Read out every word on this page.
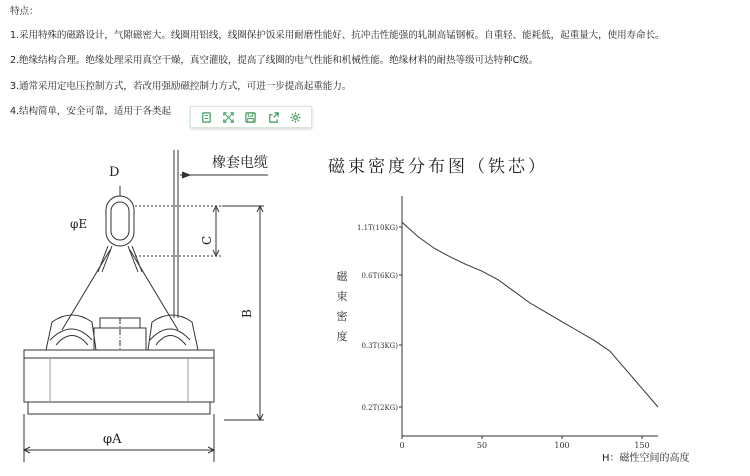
特点：
1.采用特殊的磁路设计，气隙磁密大。线圈用铝线，线圈保护饭采用耐磨性能好、抗冲击性能强的轧制高锰钢板。自重轻、能耗低，起重量大，使用寿命长。
2.绝缘结构合理。绝缘处理采用真空干燥，真空灌胶，提高了线圈的电气性能和机械性能。绝缘材料的耐热等级可达特种C级。
3.通常采用定电压控制方式，若改用强励磁控制力方式，可进一步提高起重能力。
4.结构简单，安全可靠，适用于各类起
D
φE
C
B
φA
橡套电缆	磁束密度分布图（铁芯）
1.1T(10KG)
0.6T(6KG)
0.3T(3KG)
0.2T(2KG)
0	50	100	150
磁
束
密
度
H：磁性空间的高度
